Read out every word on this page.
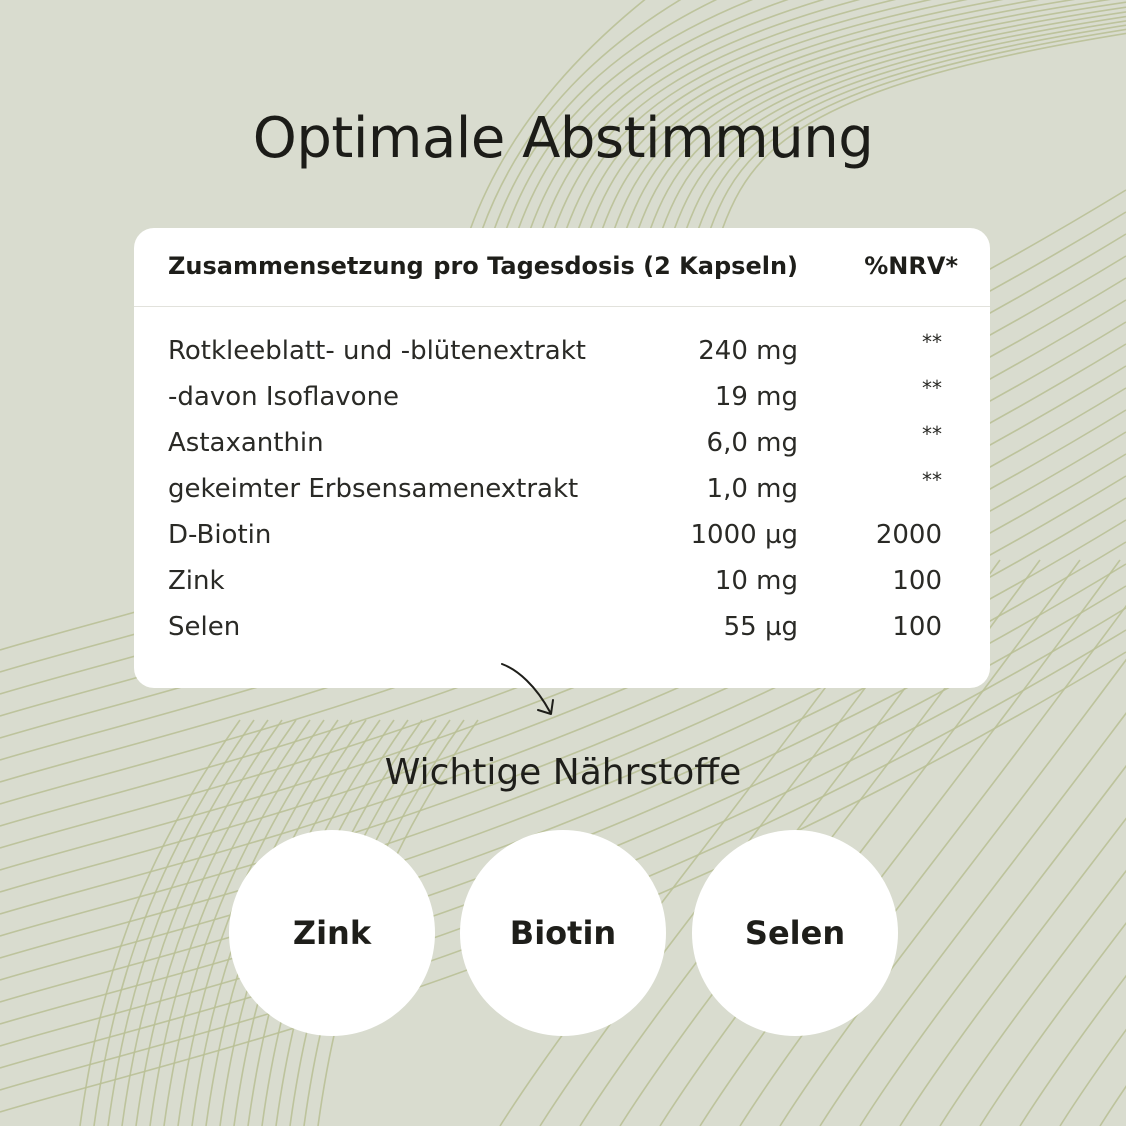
Optimale Abstimmung
Zusammensetzung pro Tagesdosis (2 Kapseln)	%NRV*
Rotkleeblatt- und -blütenextrakt	240 mg	**
-davon Isoflavone	19 mg	**
Astaxanthin	6,0 mg	**
gekeimter Erbsensamenextrakt	1,0 mg	**
D-Biotin	1000 µg	2000
Zink	10 mg	100
Selen	55 µg	100
Wichtige Nährstoffe
Zink	Biotin	Selen
